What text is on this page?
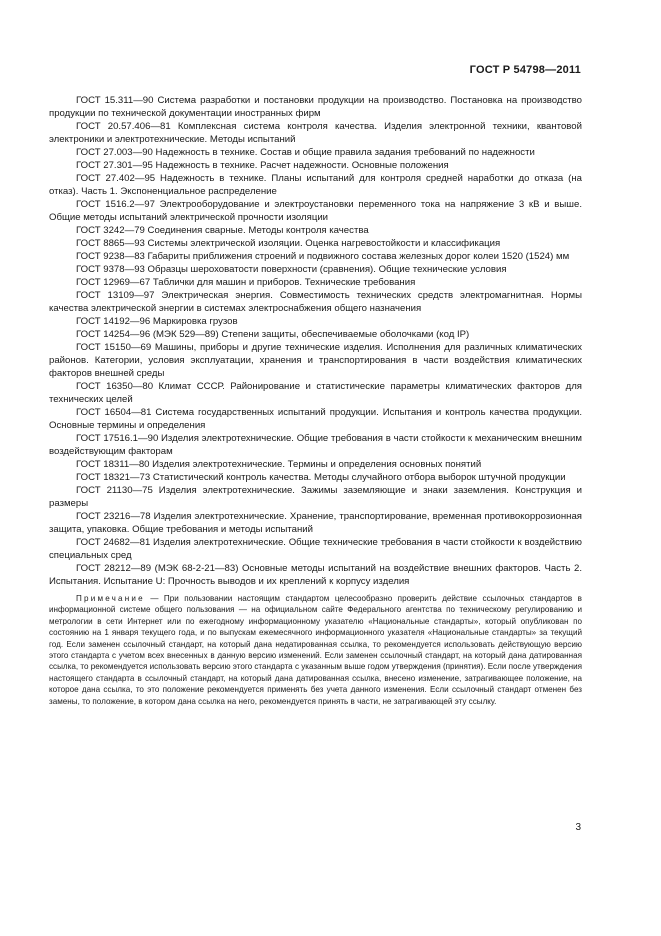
ГОСТ Р 54798—2011

ГОСТ 15.311—90 Система разработки и постановки продукции на производство. Постановка на производство продукции по технической документации иностранных фирм

ГОСТ 20.57.406—81 Комплексная система контроля качества. Изделия электронной техники, квантовой электроники и электротехнические. Методы испытаний

ГОСТ 27.003—90 Надежность в технике. Состав и общие правила задания требований по надежности

ГОСТ 27.301—95 Надежность в технике. Расчет надежности. Основные положения

ГОСТ 27.402—95 Надежность в технике. Планы испытаний для контроля средней наработки до отказа (на отказ). Часть 1. Экспоненциальное распределение

ГОСТ 1516.2—97 Электрооборудование и электроустановки переменного тока на напряжение 3 кВ и выше. Общие методы испытаний электрической прочности изоляции

ГОСТ 3242—79 Соединения сварные. Методы контроля качества

ГОСТ 8865—93 Системы электрической изоляции. Оценка нагревостойкости и классификация

ГОСТ 9238—83 Габариты приближения строений и подвижного состава железных дорог колеи 1520 (1524) мм

ГОСТ 9378—93 Образцы шероховатости поверхности (сравнения). Общие технические условия

ГОСТ 12969—67 Таблички для машин и приборов. Технические требования

ГОСТ 13109—97 Электрическая энергия. Совместимость технических средств электромагнитная. Нормы качества электрической энергии в системах электроснабжения общего назначения

ГОСТ 14192—96 Маркировка грузов

ГОСТ 14254—96 (МЭК 529—89) Степени защиты, обеспечиваемые оболочками (код IP)

ГОСТ 15150—69 Машины, приборы и другие технические изделия. Исполнения для различных климатических районов. Категории, условия эксплуатации, хранения и транспортирования в части воздействия климатических факторов внешней среды

ГОСТ 16350—80 Климат СССР. Районирование и статистические параметры климатических факторов для технических целей

ГОСТ 16504—81 Система государственных испытаний продукции. Испытания и контроль качества продукции. Основные термины и определения

ГОСТ 17516.1—90 Изделия электротехнические. Общие требования в части стойкости к механическим внешним воздействующим факторам

ГОСТ 18311—80 Изделия электротехнические. Термины и определения основных понятий

ГОСТ 18321—73 Статистический контроль качества. Методы случайного отбора выборок штучной продукции

ГОСТ 21130—75 Изделия электротехнические. Зажимы заземляющие и знаки заземления. Конструкция и размеры

ГОСТ 23216—78 Изделия электротехнические. Хранение, транспортирование, временная противокоррозионная защита, упаковка. Общие требования и методы испытаний

ГОСТ 24682—81 Изделия электротехнические. Общие технические требования в части стойкости к воздействию специальных сред

ГОСТ 28212—89 (МЭК 68-2-21—83) Основные методы испытаний на воздействие внешних факторов. Часть 2. Испытания. Испытание U: Прочность выводов и их креплений к корпусу изделия

Примечание — При пользовании настоящим стандартом целесообразно проверить действие ссылочных стандартов в информационной системе общего пользования — на официальном сайте Федерального агентства по техническому регулированию и метрологии в сети Интернет или по ежегодному информационному указателю «Национальные стандарты», который опубликован по состоянию на 1 января текущего года, и по выпускам ежемесячного информационного указателя «Национальные стандарты» за текущий год. Если заменен ссылочный стандарт, на который дана недатированная ссылка, то рекомендуется использовать действующую версию этого стандарта с учетом всех внесенных в данную версию изменений. Если заменен ссылочный стандарт, на который дана датированная ссылка, то рекомендуется использовать версию этого стандарта с указанным выше годом утверждения (принятия). Если после утверждения настоящего стандарта в ссылочный стандарт, на который дана датированная ссылка, внесено изменение, затрагивающее положение, на которое дана ссылка, то это положение рекомендуется применять без учета данного изменения. Если ссылочный стандарт отменен без замены, то положение, в котором дана ссылка на него, рекомендуется принять в части, не затрагивающей эту ссылку.

3
